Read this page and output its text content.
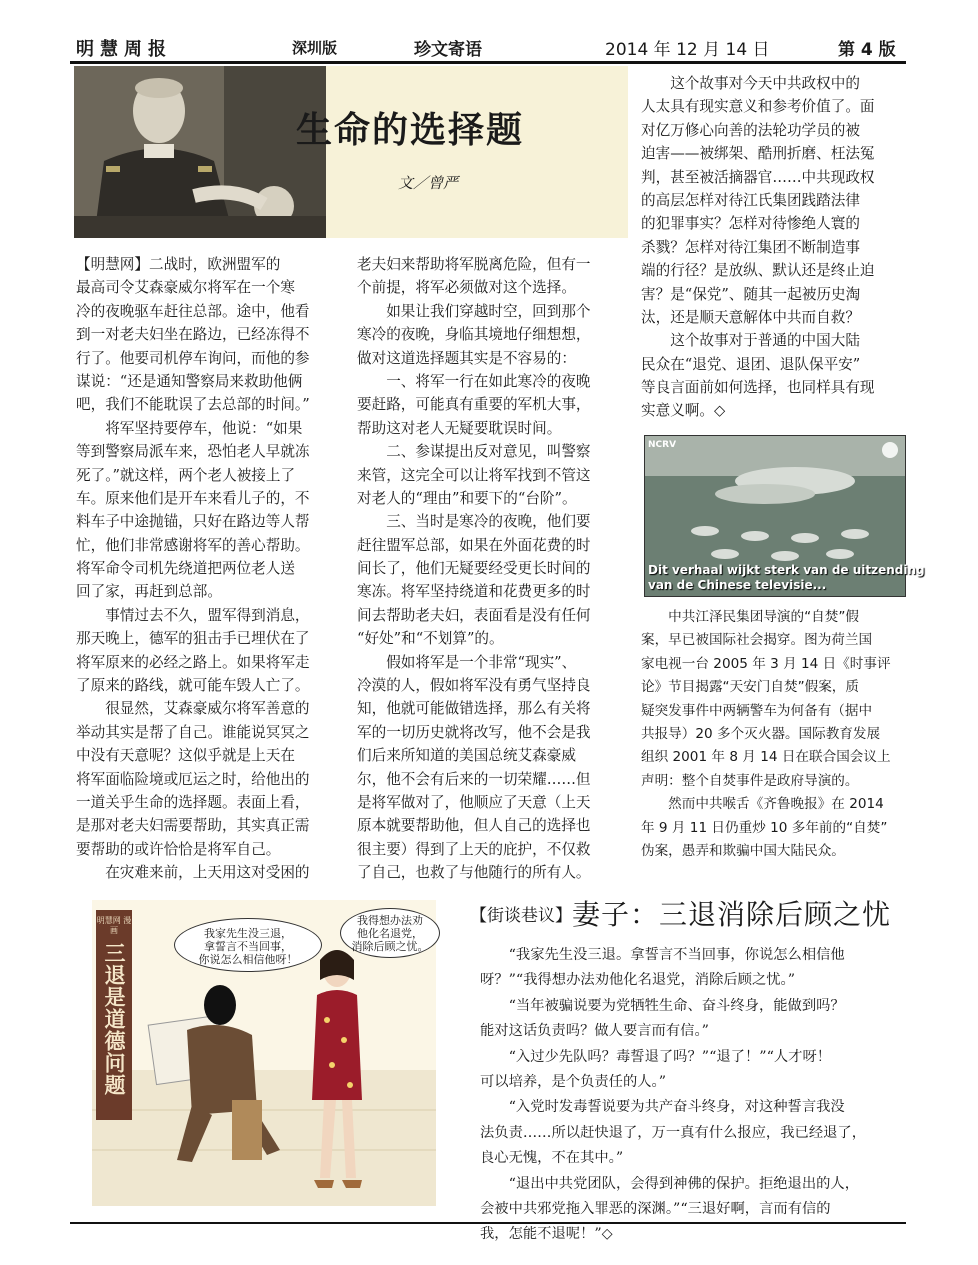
明慧周报	深圳版	珍文寄语	2014 年 12 月 14 日	第 4 版
生命的选择题
文／曾严
【明慧网】二战时，欧洲盟军的
最高司令艾森豪威尔将军在一个寒
冷的夜晚驱车赶往总部。途中，他看
到一对老夫妇坐在路边，已经冻得不
行了。他要司机停车询问，而他的参
谋说：“还是通知警察局来救助他俩
吧，我们不能耽误了去总部的时间。”
　　将军坚持要停车，他说：“如果
等到警察局派车来，恐怕老人早就冻
死了。”就这样，两个老人被接上了
车。原来他们是开车来看儿子的，不
料车子中途抛锚，只好在路边等人帮
忙，他们非常感谢将军的善心帮助。
将军命令司机先绕道把两位老人送
回了家，再赶到总部。
　　事情过去不久，盟军得到消息，
那天晚上，德军的狙击手已埋伏在了
将军原来的必经之路上。如果将军走
了原来的路线，就可能车毁人亡了。
　　很显然，艾森豪威尔将军善意的
举动其实是帮了自己。谁能说冥冥之
中没有天意呢？这似乎就是上天在
将军面临险境或厄运之时，给他出的
一道关乎生命的选择题。表面上看，
是那对老夫妇需要帮助，其实真正需
要帮助的或许恰恰是将军自己。
　　在灾难来前，上天用这对受困的
老夫妇来帮助将军脱离危险，但有一
个前提，将军必须做对这个选择。
　　如果让我们穿越时空，回到那个
寒冷的夜晚，身临其境地仔细想想，
做对这道选择题其实是不容易的：
　　一、将军一行在如此寒冷的夜晚
要赶路，可能真有重要的军机大事，
帮助这对老人无疑要耽误时间。
　　二、参谋提出反对意见，叫警察
来管，这完全可以让将军找到不管这
对老人的“理由”和要下的“台阶”。
　　三、当时是寒冷的夜晚，他们要
赶往盟军总部，如果在外面花费的时
间长了，他们无疑要经受更长时间的
寒冻。将军坚持绕道和花费更多的时
间去帮助老夫妇，表面看是没有任何
“好处”和“不划算”的。
　　假如将军是一个非常“现实”、
冷漠的人，假如将军没有勇气坚持良
知，他就可能做错选择，那么有关将
军的一切历史就将改写，他不会是我
们后来所知道的美国总统艾森豪威
尔，他不会有后来的一切荣耀……但
是将军做对了，他顺应了天意（上天
原本就要帮助他，但人自己的选择也
很主要）得到了上天的庇护，不仅救
了自己，也救了与他随行的所有人。
　　这个故事对今天中共政权中的
人太具有现实意义和参考价值了。面
对亿万修心向善的法轮功学员的被
迫害——被绑架、酷刑折磨、枉法冤
判，甚至被活摘器官……中共现政权
的高层怎样对待江氏集团践踏法律
的犯罪事实？怎样对待惨绝人寰的
杀戮？怎样对待江集团不断制造事
端的行径？是放纵、默认还是终止迫
害？是“保党”、随其一起被历史淘
汰，还是顺天意解体中共而自救？
　　这个故事对于普通的中国大陆
民众在“退党、退团、退队保平安”
等良言面前如何选择，也同样具有现
实意义啊。◇
NCRV
Dit verhaal wijkt sterk van de uitzending
van de Chinese televisie...
　　中共江泽民集团导演的“自焚”假
案，早已被国际社会揭穿。图为荷兰国
家电视一台 2005 年 3 月 14 日《时事评
论》节目揭露“天安门自焚”假案，质
疑突发事件中两辆警车为何备有（据中
共报导）20 多个灭火器。国际教育发展
组织 2001 年 8 月 14 日在联合国会议上
声明：整个自焚事件是政府导演的。
　　然而中共喉舌《齐鲁晚报》在 2014
年 9 月 11 日仍重炒 10 多年前的“自焚”
伪案，愚弄和欺骗中国大陆民众。
明慧网 漫画
三退是道德问题
我家先生没三退，
拿誓言不当回事，
你说怎么相信他呀！
我得想办法劝
他化名退党，
消除后顾之忧。
【街谈巷议】妻子：三退消除后顾之忧
　　“我家先生没三退。拿誓言不当回事，你说怎么相信他
呀？”“我得想办法劝他化名退党，消除后顾之忧。”
　　“当年被骗说要为党牺牲生命、奋斗终身，能做到吗？
能对这话负责吗？做人要言而有信。”
　　“入过少先队吗？毒誓退了吗？”“退了！”“人才呀！
可以培养，是个负责任的人。”
　　“入党时发毒誓说要为共产奋斗终身，对这种誓言我没
法负责……所以赶快退了，万一真有什么报应，我已经退了，
良心无愧，不在其中。”
　　“退出中共党团队，会得到神佛的保护。拒绝退出的人，
会被中共邪党拖入罪恶的深渊。”“三退好啊，言而有信的
我，怎能不退呢！”◇
